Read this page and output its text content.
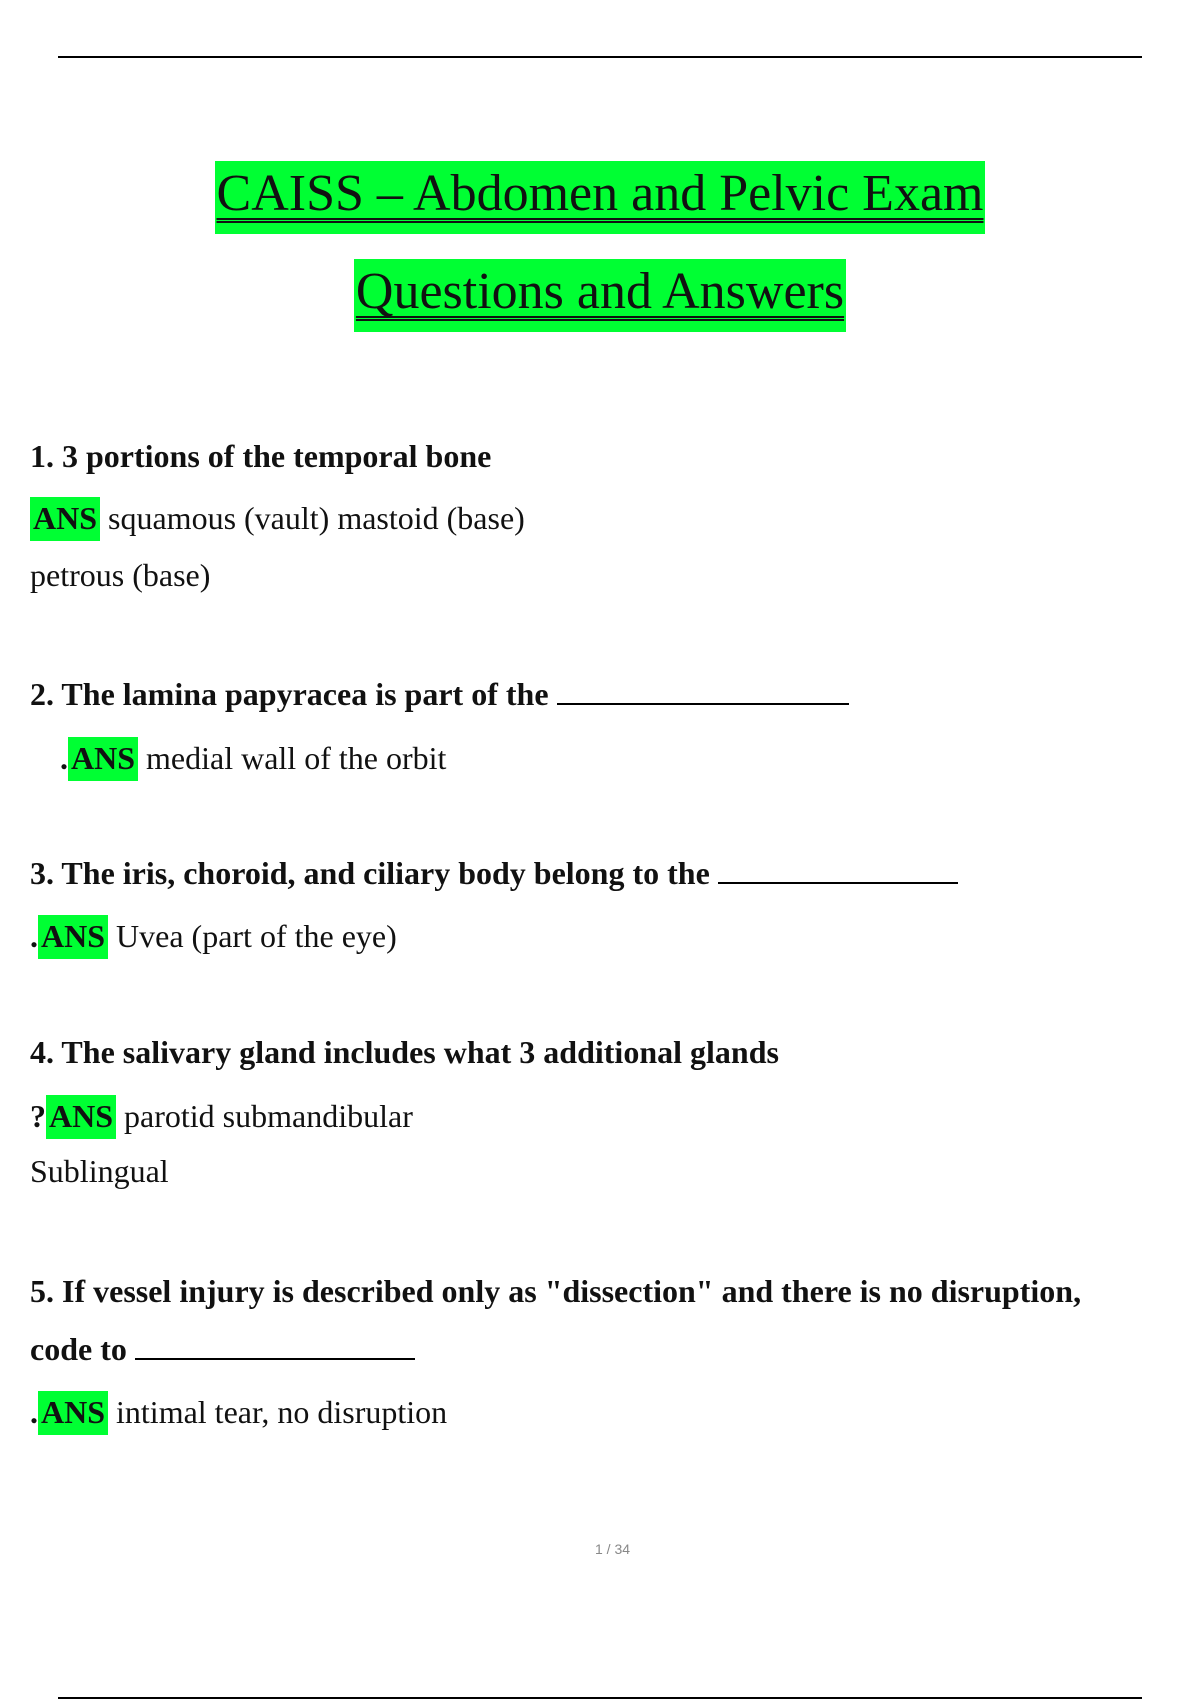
CAISS – Abdomen and Pelvic Exam
Questions and Answers
1. 3 portions of the temporal bone
ANS squamous (vault) mastoid (base)
petrous (base)
2. The lamina papyracea is part of the
.ANS medial wall of the orbit
3. The iris, choroid, and ciliary body belong to the
.ANS Uvea (part of the eye)
4. The salivary gland includes what 3 additional glands
?ANS parotid submandibular
Sublingual
5. If vessel injury is described only as "dissection" and there is no disruption,
code to
.ANS intimal tear, no disruption
1 / 34
